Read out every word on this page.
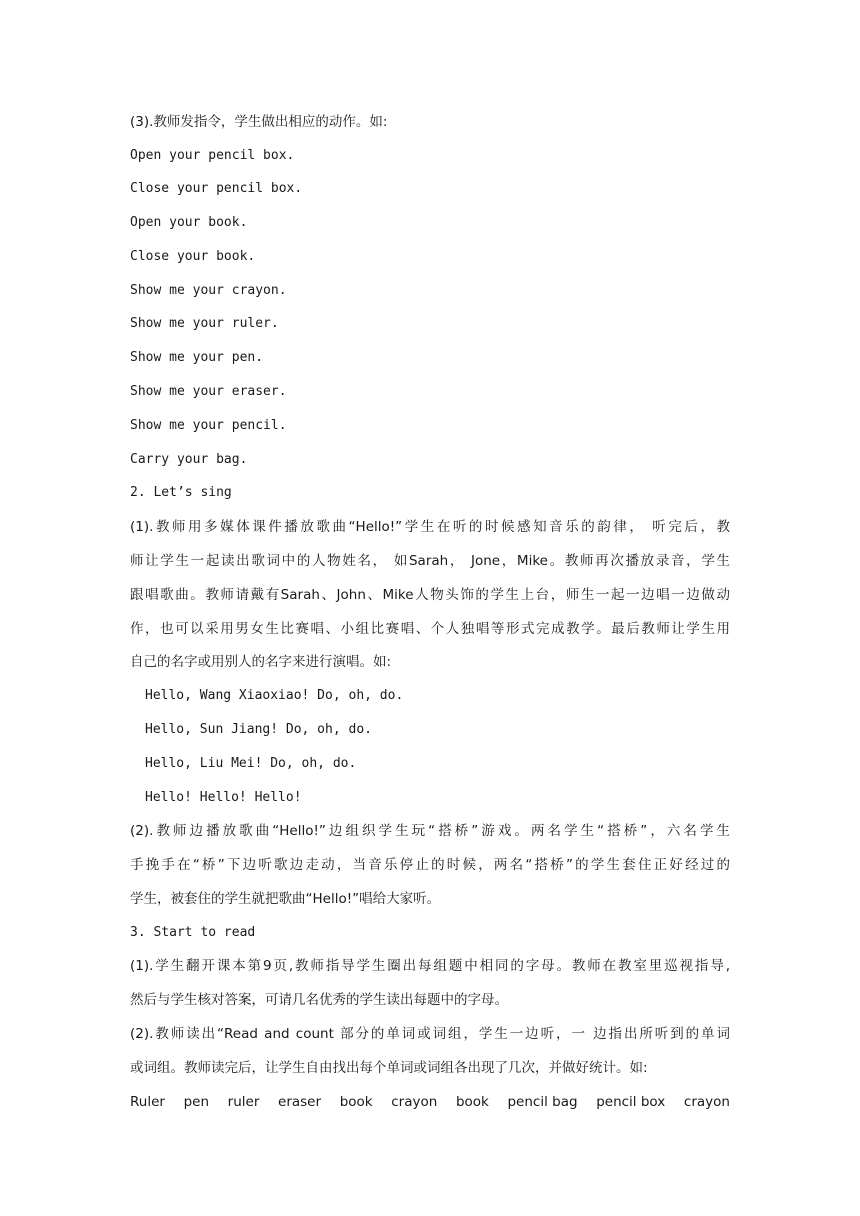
(3).教师发指令，学生做出相应的动作。如:
Open your pencil box.
Close your pencil box.
Open your book.
Close your book.
Show me your crayon.
Show me your ruler.
Show me your pen.
Show me your eraser.
Show me your pencil.
Carry your bag.
2. Let’s sing
(1).教师用多媒体课件播放歌曲“Hello!”学生在听的时候感知音乐的韵律， 听完后，教
师让学生一起读出歌词中的人物姓名， 如Sarah， Jone，Mike。教师再次播放录音，学生
跟唱歌曲。教师请戴有Sarah、John、Mike人物头饰的学生上台，师生一起一边唱一边做动
作，也可以采用男女生比赛唱、小组比赛唱、个人独唱等形式完成教学。最后教师让学生用
自己的名字或用别人的名字来进行演唱。如:
Hello, Wang Xiaoxiao! Do, oh, do.
Hello, Sun Jiang! Do, oh, do.
Hello, Liu Mei! Do, oh, do.
Hello! Hello! Hello!
(2).教师边播放歌曲“Hello!”边组织学生玩“搭桥”游戏。两名学生“搭桥”，六名学生
手挽手在“桥”下边听歌边走动，当音乐停止的时候，两名“搭桥”的学生套住正好经过的
学生，被套住的学生就把歌曲“Hello!”唱给大家听。
3. Start to read
(1).学生翻开课本第9页,教师指导学生圈出每组题中相同的字母。教师在教室里巡视指导,
然后与学生核对答案，可请几名优秀的学生读出每题中的字母。
(2).教师读出“Read and count 部分的单词或词组，学生一边听，一 边指出所听到的单词
或词组。教师读完后，让学生自由找出每个单词或词组各出现了几次，并做好统计。如:
Ruler pen ruler eraser book crayon book pencil bag pencil box crayon
